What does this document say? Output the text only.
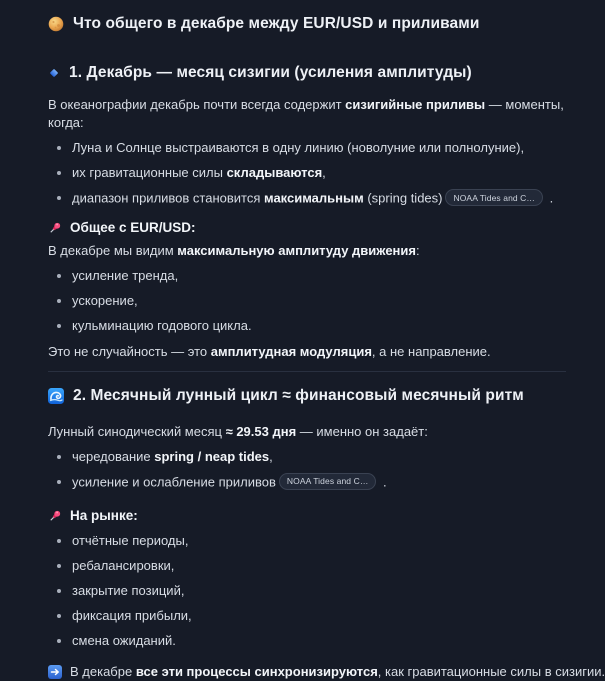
Что общего в декабре между EUR/USD и приливами
1. Декабрь — месяц сизигии (усиления амплитуды)

В океанографии декабрь почти всегда содержит сизигийные приливы — моменты, когда:

Луна и Солнце выстраиваются в одну линию (новолуние или полнолуние),
их гравитационные силы складываются,
диапазон приливов становится максимальным (spring tides) NOAA Tides and C… .

Общее с EUR/USD:

В декабре мы видим максимальную амплитуду движения:

усиление тренда,
ускорение,
кульминацию годового цикла.

Это не случайность — это амплитудная модуляция, а не направление.

2. Месячный лунный цикл ≈ финансовый месячный ритм

Лунный синодический месяц ≈ 29.53 дня — именно он задаёт:

чередование spring / neap tides,
усиление и ослабление приливов NOAA Tides and C… .

На рынке:

отчётные периоды,
ребалансировки,
закрытие позиций,
фиксация прибыли,
смена ожиданий.

В декабре все эти процессы синхронизируются, как гравитационные силы в сизигии.
